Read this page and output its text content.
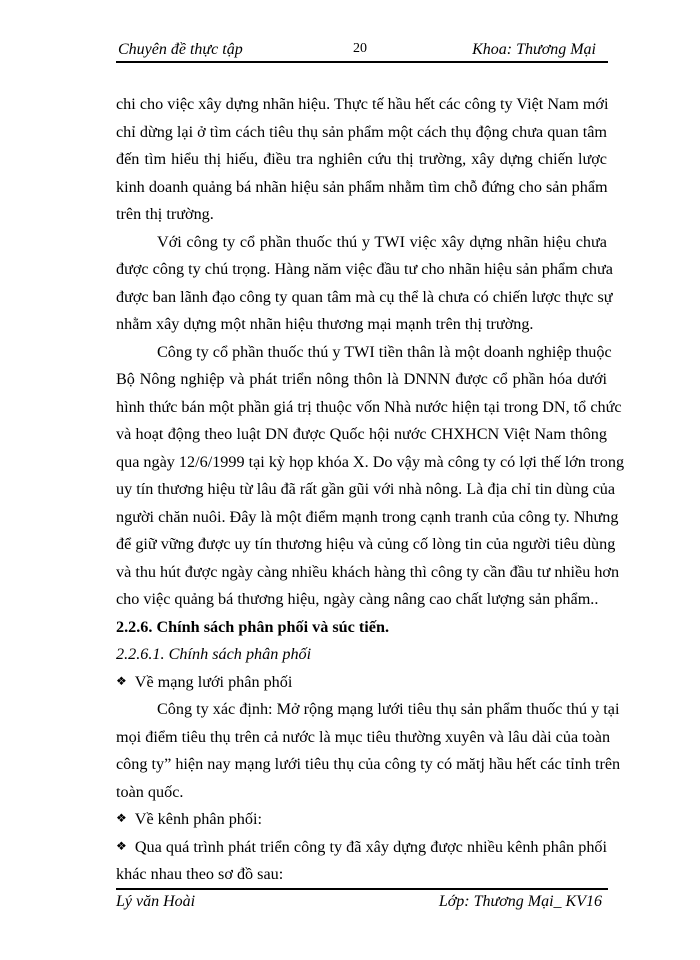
Chuyên đề thực tập	20	Khoa: Thương Mại
chi cho việc xây dựng nhãn hiệu. Thực tế hầu hết các công ty Việt Nam mới
chỉ dừng lại ở tìm cách tiêu thụ sản phẩm một cách thụ động chưa quan tâm
đến tìm hiểu thị hiếu, điều tra nghiên cứu thị trường, xây dựng chiến lược
kinh doanh quảng bá nhãn hiệu sản phẩm nhằm tìm chỗ đứng cho sản phẩm
trên thị trường.
Với công ty cổ phần thuốc thú y TWI việc xây dựng nhãn hiệu chưa
được công ty chú trọng. Hàng năm việc đầu tư cho nhãn hiệu sản phẩm chưa
được ban lãnh đạo công ty quan tâm mà cụ thể là chưa có chiến lược thực sự
nhằm xây dựng một nhãn hiệu thương mại mạnh trên thị trường.
Công ty cổ phần thuốc thú y TWI tiền thân là một doanh nghiệp thuộc
Bộ Nông nghiệp và phát triển nông thôn là DNNN được cổ phần hóa dưới
hình thức bán một phần giá trị thuộc vốn Nhà nước hiện tại trong DN, tổ chức
và hoạt động theo luật DN được Quốc hội nước CHXHCN Việt Nam thông
qua ngày 12/6/1999 tại kỳ họp khóa X. Do vậy mà công ty có lợi thế lớn trong
uy tín thương hiệu từ lâu đã rất gần gũi với nhà nông. Là địa chỉ tin dùng của
người chăn nuôi. Đây là một điểm mạnh trong cạnh tranh của công ty. Nhưng
để giữ vững được uy tín thương hiệu và củng cố lòng tin của người tiêu dùng
và thu hút được ngày càng nhiều khách hàng thì công ty cần đầu tư nhiều hơn
cho việc quảng bá thương hiệu, ngày càng nâng cao chất lượng sản phẩm..
2.2.6. Chính sách phân phối và súc tiến.
2.2.6.1. Chính sách phân phối
❖ Về mạng lưới phân phối
Công ty xác định: Mở rộng mạng lưới tiêu thụ sản phẩm thuốc thú y tại
mọi điểm tiêu thụ trên cả nước là mục tiêu thường xuyên và lâu dài của toàn
công ty” hiện nay mạng lưới tiêu thụ của công ty có mătj hầu hết các tỉnh trên
toàn quốc.
❖ Về kênh phân phối:
❖ Qua quá trình phát triển công ty đã xây dựng được nhiều kênh phân phối
khác nhau theo sơ đồ sau:
Lý văn Hoài	Lớp: Thương Mại_ KV16
